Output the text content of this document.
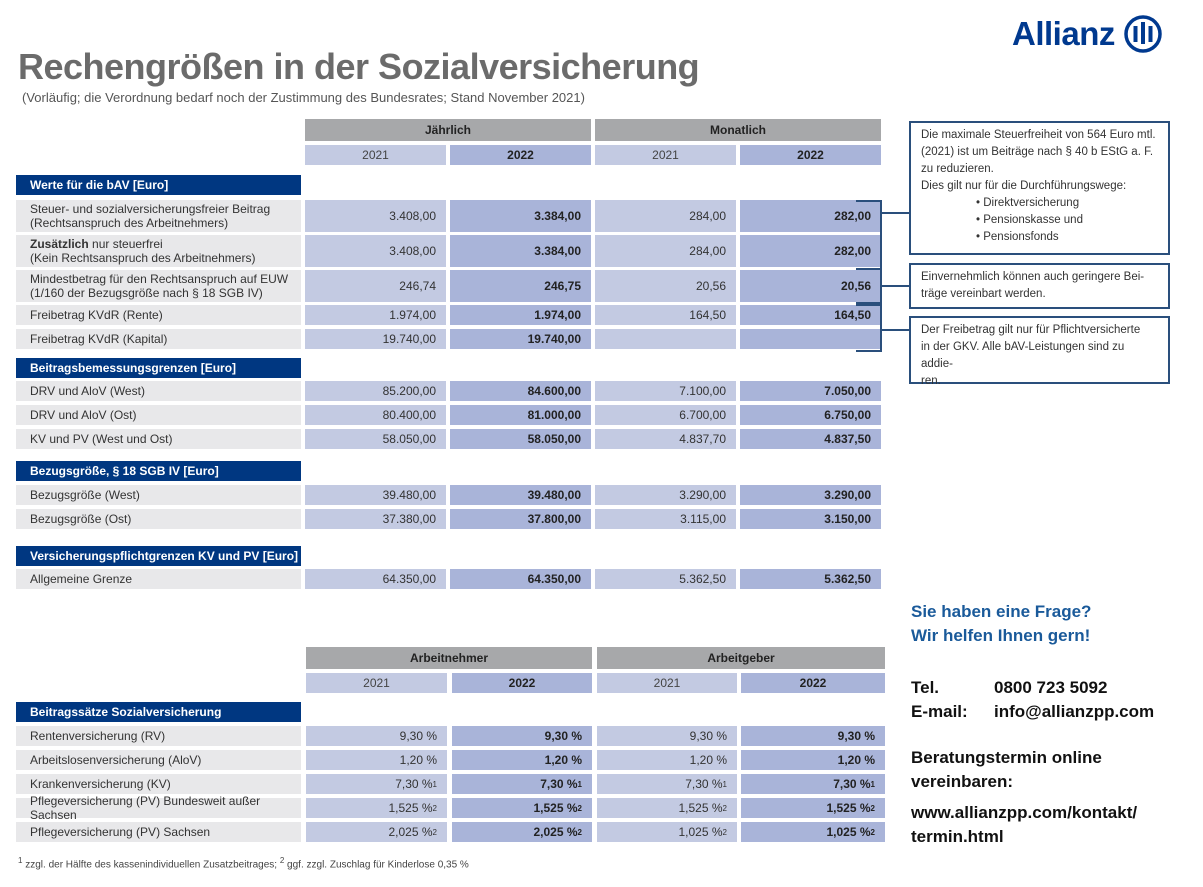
Rechengrößen in der Sozialversicherung
(Vorläufig; die Verordnung bedarf noch der Zustimmung des Bundesrates; Stand November 2021)
Allianz
Jährlich	Monatlich
2021	2022	2021	2022
Werte für die bAV [Euro]
Steuer- und sozialversicherungsfreier Beitrag
(Rechtsanspruch des Arbeitnehmers)	3.408,00	3.384,00	284,00	282,00
Zusätzlich nur steuerfrei
(Kein Rechtsanspruch des Arbeitnehmers)	3.408,00	3.384,00	284,00	282,00
Mindestbetrag für den Rechtsanspruch auf EUW
(1/160 der Bezugsgröße nach § 18 SGB IV)	246,74	246,75	20,56	20,56
Freibetrag KVdR (Rente)	1.974,00	1.974,00	164,50	164,50
Freibetrag KVdR (Kapital)	19.740,00	19.740,00
Beitragsbemessungsgrenzen [Euro]
DRV und AloV (West)	85.200,00	84.600,00	7.100,00	7.050,00
DRV und AloV (Ost)	80.400,00	81.000,00	6.700,00	6.750,00
KV und PV (West und Ost)	58.050,00	58.050,00	4.837,70	4.837,50
Bezugsgröße, § 18 SGB IV [Euro]
Bezugsgröße (West)	39.480,00	39.480,00	3.290,00	3.290,00
Bezugsgröße (Ost)	37.380,00	37.800,00	3.115,00	3.150,00
Versicherungspflichtgrenzen KV und PV [Euro]
Allgemeine Grenze	64.350,00	64.350,00	5.362,50	5.362,50
Die maximale Steuerfreiheit von 564 Euro mtl.
(2021) ist um Beiträge nach § 40 b EStG a. F.
zu reduzieren.
Dies gilt nur für die Durchführungswege:
• Direktversicherung
• Pensionskasse und
• Pensionsfonds
Einvernehmlich können auch geringere Bei-
träge vereinbart werden.
Der Freibetrag gilt nur für Pflichtversicherte
in der GKV. Alle bAV-Leistungen sind zu addie-
ren.
Arbeitnehmer	Arbeitgeber
2021	2022	2021	2022
Beitragssätze Sozialversicherung
Rentenversicherung (RV)	9,30 %	9,30 %	9,30 %	9,30 %
Arbeitslosenversicherung (AloV)	1,20 %	1,20 %	1,20 %	1,20 %
Krankenversicherung (KV)	7,30 % 1	7,30 % 1	7,30 % 1	7,30 % 1
Pflegeversicherung (PV) Bundesweit außer Sachsen	1,525 % 2	1,525 % 2	1,525 % 2	1,525 % 2
Pflegeversicherung (PV) Sachsen	2,025 % 2	2,025 % 2	1,025 % 2	1,025 % 2
$^1$ zzgl. der Hälfte des kassenindividuellen Zusatzbeitrages; $^2$ ggf. zzgl. Zuschlag für Kinderlose 0,35 %
Sie haben eine Frage?
Wir helfen Ihnen gern!
Tel.	0800 723 5092
E-mail: info@allianzpp.com
Beratungstermin online
vereinbaren:
www.allianzpp.com/kontakt/
termin.html
